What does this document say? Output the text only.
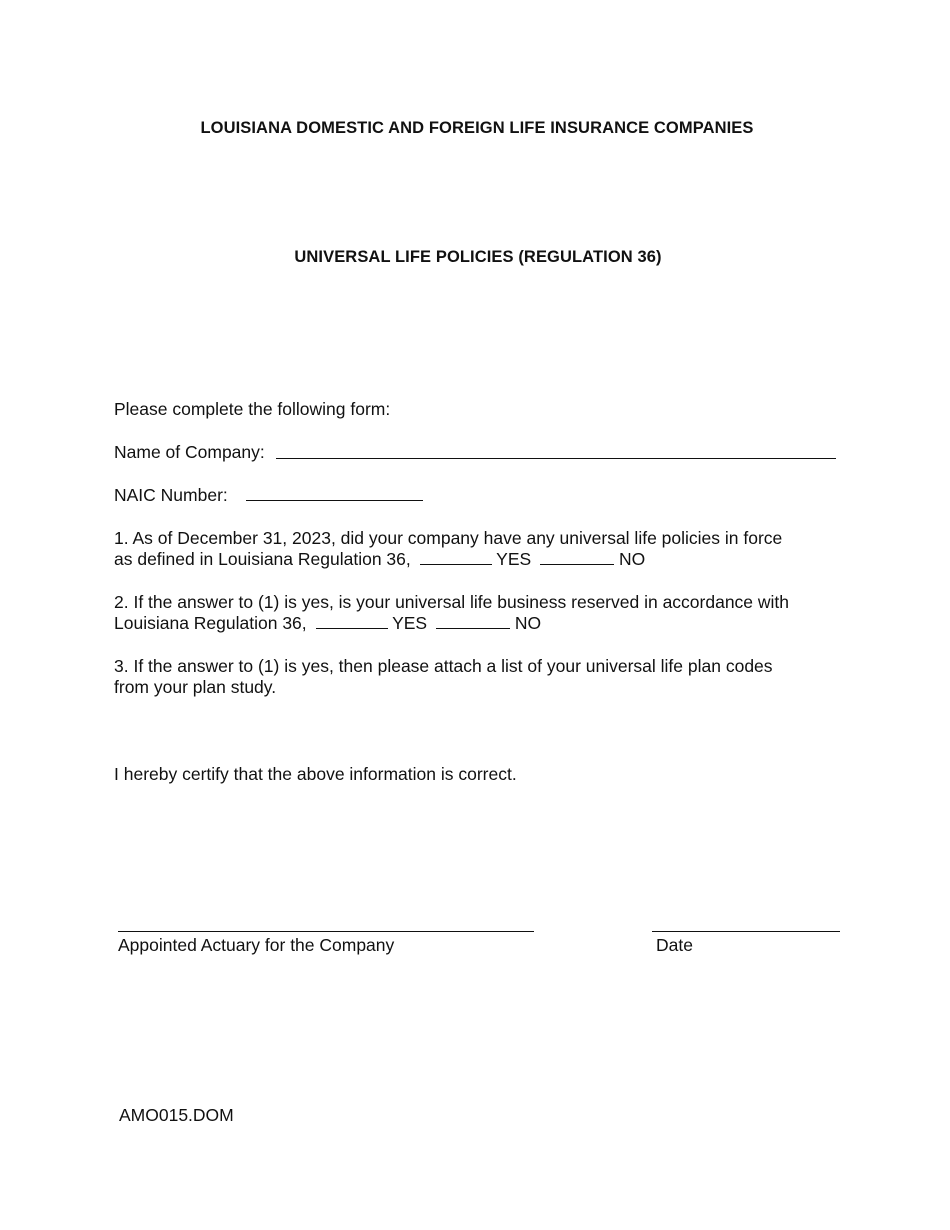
LOUISIANA DOMESTIC AND FOREIGN LIFE INSURANCE COMPANIES
UNIVERSAL LIFE POLICIES (REGULATION 36)

Please complete the following form:

Name of Company:

NAIC Number:

1. As of December 31, 2023, did your company have any universal life policies in force

as defined in Louisiana Regulation 36,	YES	NO

2. If the answer to (1) is yes, is your universal life business reserved in accordance with

Louisiana Regulation 36,	YES	NO

3. If the answer to (1) is yes, then please attach a list of your universal life plan codes

from your plan study.

I hereby certify that the above information is correct.

Appointed Actuary for the Company	Date

AMO015.DOM
